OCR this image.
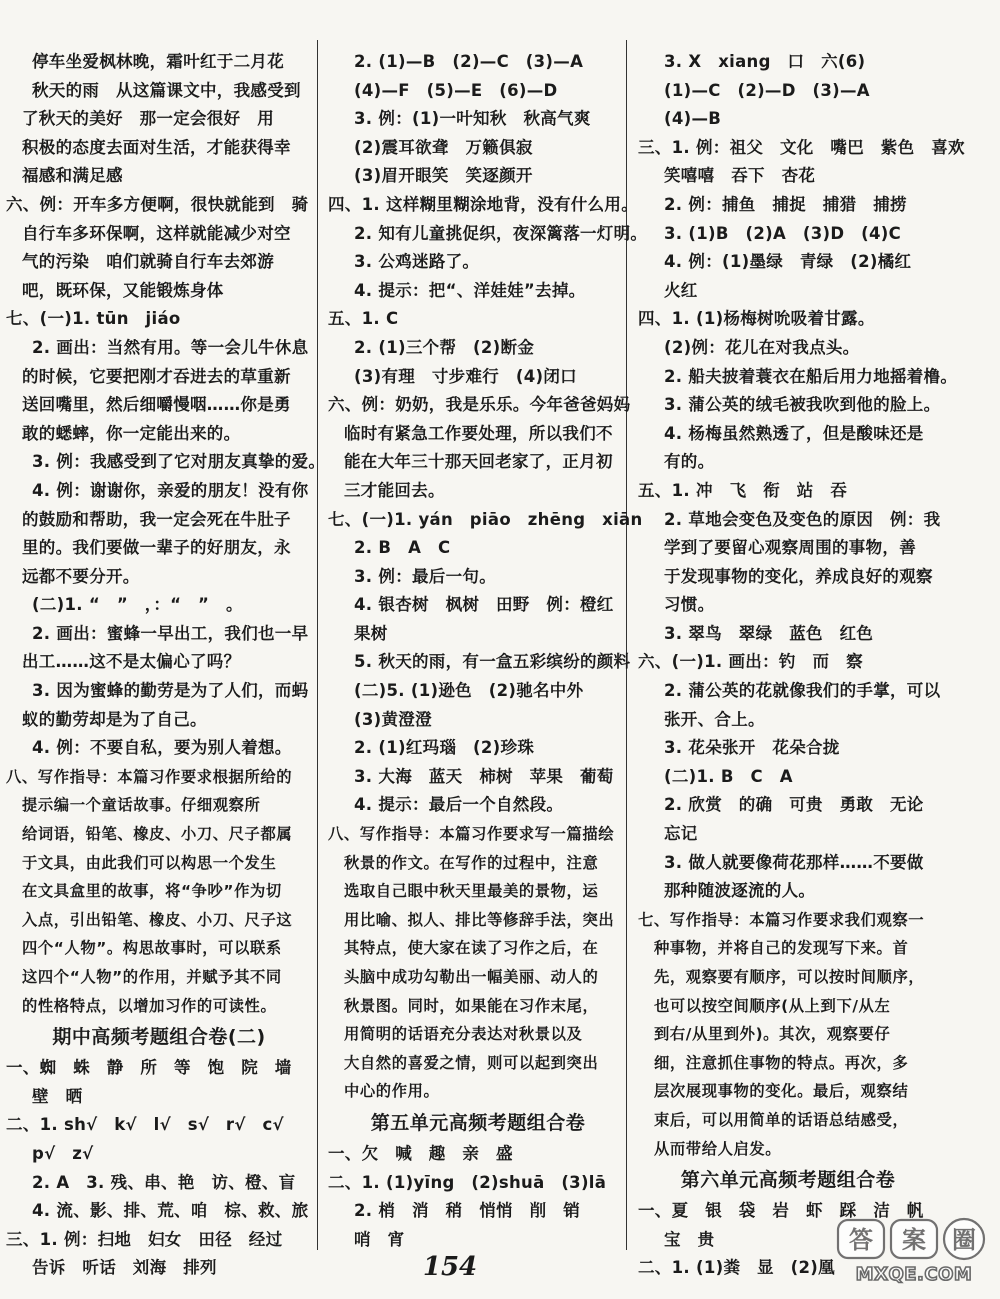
停车坐爱枫林晚，霜叶红于二月花
秋天的雨　从这篇课文中，我感受到
了秋天的美好　那一定会很好　用
积极的态度去面对生活，才能获得幸
福感和满足感
六、例：开车多方便啊，很快就能到　骑
自行车多环保啊，这样就能减少对空
气的污染　咱们就骑自行车去郊游
吧，既环保，又能锻炼身体
七、(一)1. tūn　jiáo
2. 画出：当然有用。等一会儿牛休息
的时候，它要把刚才吞进去的草重新
送回嘴里，然后细嚼慢咽……你是勇
敢的蟋蟀，你一定能出来的。
3. 例：我感受到了它对朋友真挚的爱。
4. 例：谢谢你，亲爱的朋友！没有你
的鼓励和帮助，我一定会死在牛肚子
里的。我们要做一辈子的好朋友，永
远都不要分开。
(二)1. “　”　，：“　”　。
2. 画出：蜜蜂一早出工，我们也一早
出工……这不是太偏心了吗？
3. 因为蜜蜂的勤劳是为了人们，而蚂
蚁的勤劳却是为了自己。
4. 例：不要自私，要为别人着想。
八、写作指导：本篇习作要求根据所给的
提示编一个童话故事。仔细观察所
给词语，铅笔、橡皮、小刀、尺子都属
于文具，由此我们可以构思一个发生
在文具盒里的故事，将“争吵”作为切
入点，引出铅笔、橡皮、小刀、尺子这
四个“人物”。构思故事时，可以联系
这四个“人物”的作用，并赋予其不同
的性格特点，以增加习作的可读性。
期中高频考题组合卷(二)
一、蜘　蛛　静　所　等　饱　院　墙
壁　晒
二、1. sh√　k√　l√　s√　r√　c√
p√　z√
2. A　3. 残、串、艳　访、橙、盲
4. 流、影、排、荒、咱　棕、救、旅
三、1. 例：扫地　妇女　田径　经过
告诉　听话　刘海　排列
2. (1)—B　(2)—C　(3)—A
(4)—F　(5)—E　(6)—D
3. 例：(1)一叶知秋　秋高气爽
(2)震耳欲聋　万籁俱寂
(3)眉开眼笑　笑逐颜开
四、1. 这样糊里糊涂地背，没有什么用。
2. 知有儿童挑促织，夜深篱落一灯明。
3. 公鸡迷路了。
4. 提示：把“、洋娃娃”去掉。
五、1. C
2. (1)三个帮　(2)断金
(3)有理　寸步难行　(4)闭口
六、例：奶奶，我是乐乐。今年爸爸妈妈
临时有紧急工作要处理，所以我们不
能在大年三十那天回老家了，正月初
三才能回去。
七、(一)1. yán　piāo　zhēng　xiān
2. B　A　C
3. 例：最后一句。
4. 银杏树　枫树　田野　例：橙红
果树
5. 秋天的雨，有一盒五彩缤纷的颜料
(二)5. (1)逊色　(2)驰名中外
(3)黄澄澄
2. (1)红玛瑙　(2)珍珠
3. 大海　蓝天　柿树　苹果　葡萄
4. 提示：最后一个自然段。
八、写作指导：本篇习作要求写一篇描绘
秋景的作文。在写作的过程中，注意
选取自己眼中秋天里最美的景物，运
用比喻、拟人、排比等修辞手法，突出
其特点，使大家在读了习作之后，在
头脑中成功勾勒出一幅美丽、动人的
秋景图。同时，如果能在习作末尾，
用简明的话语充分表达对秋景以及
大自然的喜爱之情，则可以起到突出
中心的作用。
第五单元高频考题组合卷
一、欠　喊　趣　亲　盛
二、1. (1)yīng　(2)shuā　(3)lā
2. 梢　消　稍　悄悄　削　销
哨　宵
3. X　xiang　口　六(6)
(1)—C　(2)—D　(3)—A
(4)—B
三、1. 例：祖父　文化　嘴巴　紫色　喜欢
笑嘻嘻　吞下　杏花
2. 例：捕鱼　捕捉　捕猎　捕捞
3. (1)B　(2)A　(3)D　(4)C
4. 例：(1)墨绿　青绿　(2)橘红
火红
四、1. (1)杨梅树吮吸着甘露。
(2)例：花儿在对我点头。
2. 船夫披着蓑衣在船后用力地摇着橹。
3. 蒲公英的绒毛被我吹到他的脸上。
4. 杨梅虽然熟透了，但是酸味还是
有的。
五、1. 冲　飞　衔　站　吞
2. 草地会变色及变色的原因　例：我
学到了要留心观察周围的事物，善
于发现事物的变化，养成良好的观察
习惯。
3. 翠鸟　翠绿　蓝色　红色
六、(一)1. 画出：钓　而　察
2. 蒲公英的花就像我们的手掌，可以
张开、合上。
3. 花朵张开　花朵合拢
(二)1. B　C　A
2. 欣赏　的确　可贵　勇敢　无论
忘记
3. 做人就要像荷花那样……不要做
那种随波逐流的人。
七、写作指导：本篇习作要求我们观察一
种事物，并将自己的发现写下来。首
先，观察要有顺序，可以按时间顺序，
也可以按空间顺序(从上到下/从左
到右/从里到外)。其次，观察要仔
细，注意抓住事物的特点。再次，多
层次展现事物的变化。最后，观察结
束后，可以用简单的话语总结感受，
从而带给人启发。
第六单元高频考题组合卷
一、夏　银　袋　岩　虾　踩　洁　帆
宝　贵
二、1. (1)粪　显　(2)凰
154
答 案 圈
MXQE.COM
